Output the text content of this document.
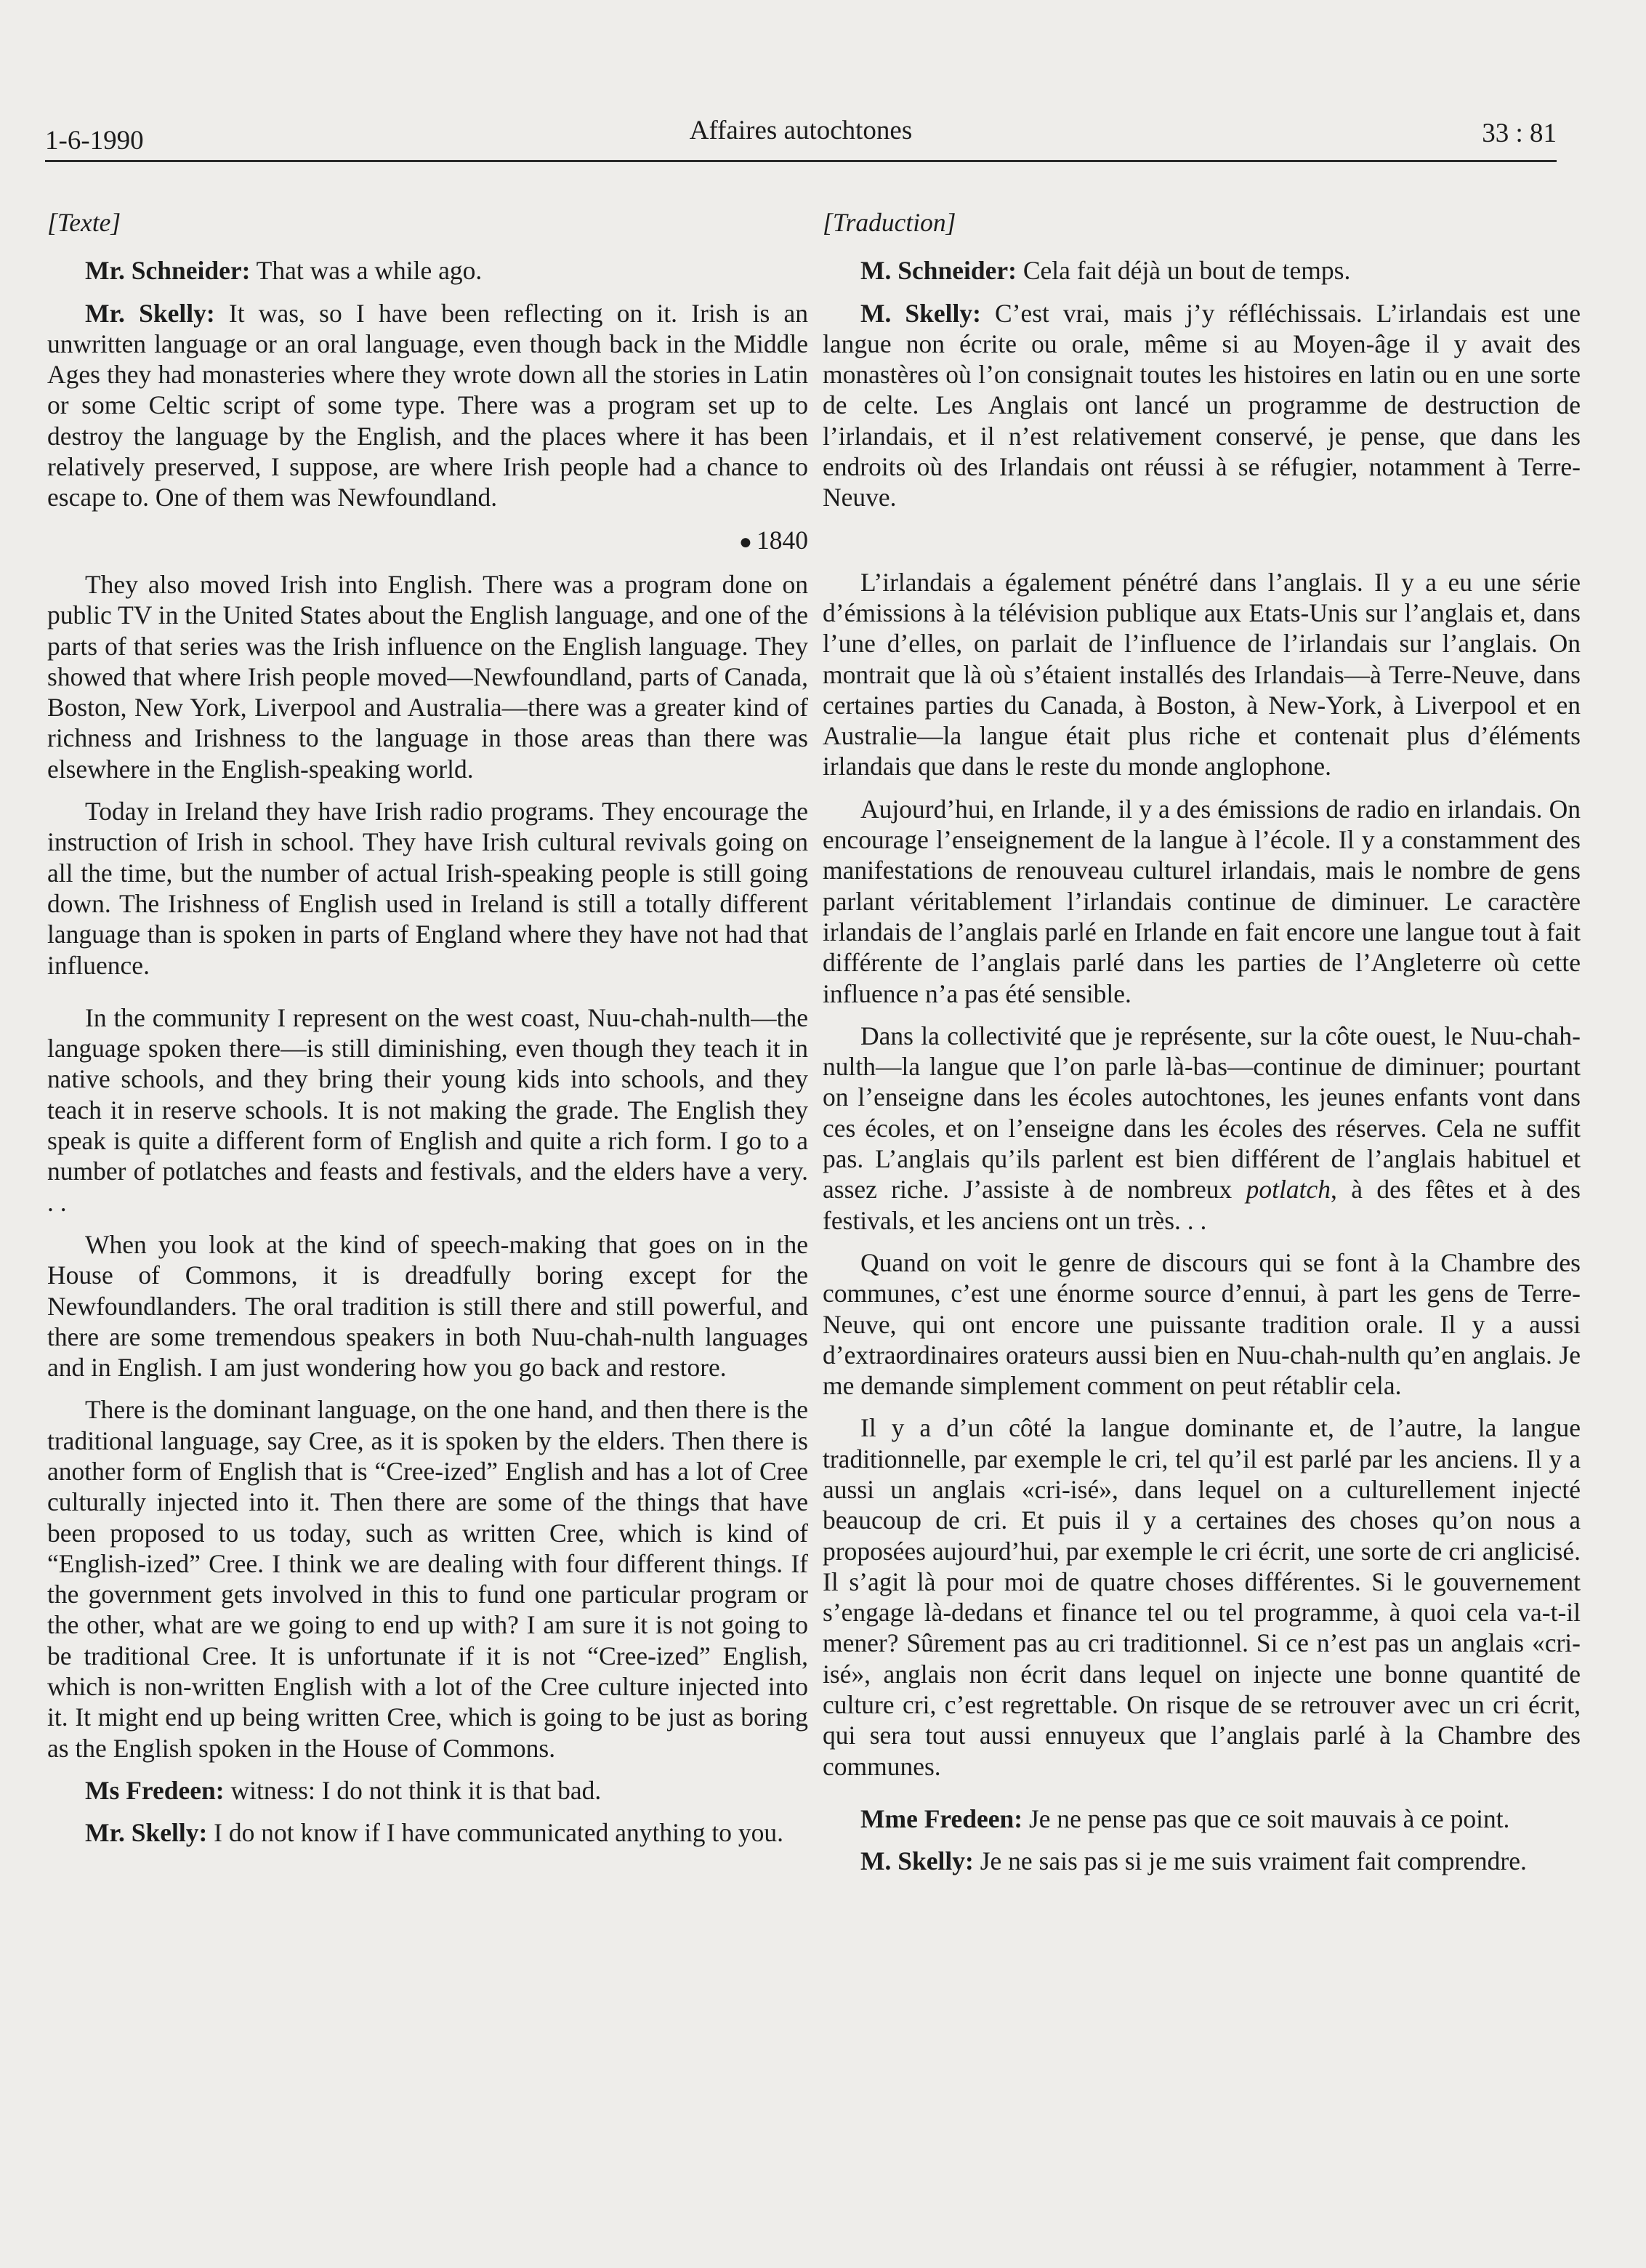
1-6-1990	Affaires autochtones	33 : 81

[Texte]

Mr. Schneider: That was a while ago.

Mr. Skelly: It was, so I have been reflecting on it. Irish is an unwritten language or an oral language, even though back in the Middle Ages they had monasteries where they wrote down all the stories in Latin or some Celtic script of some type. There was a program set up to destroy the language by the English, and the places where it has been relatively preserved, I suppose, are where Irish people had a chance to escape to. One of them was Newfoundland.

● 1840

They also moved Irish into English. There was a program done on public TV in the United States about the English language, and one of the parts of that series was the Irish influence on the English language. They showed that where Irish people moved—Newfoundland, parts of Canada, Boston, New York, Liverpool and Australia—there was a greater kind of richness and Irishness to the language in those areas than there was elsewhere in the English-speaking world.

Today in Ireland they have Irish radio programs. They encourage the instruction of Irish in school. They have Irish cultural revivals going on all the time, but the number of actual Irish-speaking people is still going down. The Irishness of English used in Ireland is still a totally different language than is spoken in parts of England where they have not had that influence.

In the community I represent on the west coast, Nuu-chah-nulth—the language spoken there—is still diminishing, even though they teach it in native schools, and they bring their young kids into schools, and they teach it in reserve schools. It is not making the grade. The English they speak is quite a different form of English and quite a rich form. I go to a number of potlatches and feasts and festivals, and the elders have a very. . .

When you look at the kind of speech-making that goes on in the House of Commons, it is dreadfully boring except for the Newfoundlanders. The oral tradition is still there and still powerful, and there are some tremendous speakers in both Nuu-chah-nulth languages and in English. I am just wondering how you go back and restore.

There is the dominant language, on the one hand, and then there is the traditional language, say Cree, as it is spoken by the elders. Then there is another form of English that is “Cree-ized” English and has a lot of Cree culturally injected into it. Then there are some of the things that have been proposed to us today, such as written Cree, which is kind of “English-ized” Cree. I think we are dealing with four different things. If the government gets involved in this to fund one particular program or the other, what are we going to end up with? I am sure it is not going to be traditional Cree. It is unfortunate if it is not “Cree-ized” English, which is non-written English with a lot of the Cree culture injected into it. It might end up being written Cree, which is going to be just as boring as the English spoken in the House of Commons.

Ms Fredeen: witness: I do not think it is that bad.

Mr. Skelly: I do not know if I have communicated anything to you.

[Traduction]

M. Schneider: Cela fait déjà un bout de temps.

M. Skelly: C’est vrai, mais j’y réfléchissais. L’irlandais est une langue non écrite ou orale, même si au Moyen-âge il y avait des monastères où l’on consignait toutes les histoires en latin ou en une sorte de celte. Les Anglais ont lancé un programme de destruction de l’irlandais, et il n’est relativement conservé, je pense, que dans les endroits où des Irlandais ont réussi à se réfugier, notamment à Terre-Neuve.

L’irlandais a également pénétré dans l’anglais. Il y a eu une série d’émissions à la télévision publique aux Etats-Unis sur l’anglais et, dans l’une d’elles, on parlait de l’influence de l’irlandais sur l’anglais. On montrait que là où s’étaient installés des Irlandais—à Terre-Neuve, dans certaines parties du Canada, à Boston, à New-York, à Liverpool et en Australie—la langue était plus riche et contenait plus d’éléments irlandais que dans le reste du monde anglophone.

Aujourd’hui, en Irlande, il y a des émissions de radio en irlandais. On encourage l’enseignement de la langue à l’école. Il y a constamment des manifestations de renouveau culturel irlandais, mais le nombre de gens parlant véritablement l’irlandais continue de diminuer. Le caractère irlandais de l’anglais parlé en Irlande en fait encore une langue tout à fait différente de l’anglais parlé dans les parties de l’Angleterre où cette influence n’a pas été sensible.

Dans la collectivité que je représente, sur la côte ouest, le Nuu-chah-nulth—la langue que l’on parle là-bas—continue de diminuer; pourtant on l’enseigne dans les écoles autochtones, les jeunes enfants vont dans ces écoles, et on l’enseigne dans les écoles des réserves. Cela ne suffit pas. L’anglais qu’ils parlent est bien différent de l’anglais habituel et assez riche. J’assiste à de nombreux potlatch, à des fêtes et à des festivals, et les anciens ont un très. . .

Quand on voit le genre de discours qui se font à la Chambre des communes, c’est une énorme source d’ennui, à part les gens de Terre-Neuve, qui ont encore une puissante tradition orale. Il y a aussi d’extraordinaires orateurs aussi bien en Nuu-chah-nulth qu’en anglais. Je me demande simplement comment on peut rétablir cela.

Il y a d’un côté la langue dominante et, de l’autre, la langue traditionnelle, par exemple le cri, tel qu’il est parlé par les anciens. Il y a aussi un anglais «cri-isé», dans lequel on a culturellement injecté beaucoup de cri. Et puis il y a certaines des choses qu’on nous a proposées aujourd’hui, par exemple le cri écrit, une sorte de cri anglicisé. Il s’agit là pour moi de quatre choses différentes. Si le gouvernement s’engage là-dedans et finance tel ou tel programme, à quoi cela va-t-il mener? Sûrement pas au cri traditionnel. Si ce n’est pas un anglais «cri-isé», anglais non écrit dans lequel on injecte une bonne quantité de culture cri, c’est regrettable. On risque de se retrouver avec un cri écrit, qui sera tout aussi ennuyeux que l’anglais parlé à la Chambre des communes.

Mme Fredeen: Je ne pense pas que ce soit mauvais à ce point.

M. Skelly: Je ne sais pas si je me suis vraiment fait comprendre.
